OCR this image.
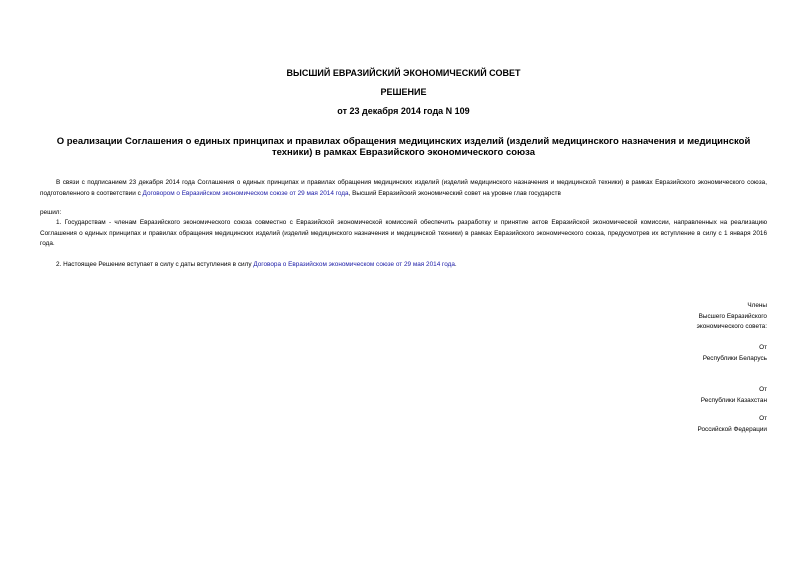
ВЫСШИЙ ЕВРАЗИЙСКИЙ ЭКОНОМИЧЕСКИЙ СОВЕТ
РЕШЕНИЕ
от 23 декабря 2014 года N 109
О реализации Соглашения о единых принципах и правилах обращения медицинских изделий (изделий медицинского назначения и медицинской техники) в рамках Евразийского экономического союза
В связи с подписанием 23 декабря 2014 года Соглашения о единых принципах и правилах обращения медицинских изделий (изделий медицинского назначения и медицинской техники) в рамках Евразийского экономического союза, подготовленного в соответствии с Договором о Евразийском экономическом союзе от 29 мая 2014 года, Высший Евразийский экономический совет на уровне глав государств
решил:
1. Государствам - членам Евразийского экономического союза совместно с Евразийской экономической комиссией обеспечить разработку и принятие актов Евразийской экономической комиссии, направленных на реализацию Соглашения о единых принципах и правилах обращения медицинских изделий (изделий медицинского назначения и медицинской техники) в рамках Евразийского экономического союза, предусмотрев их вступление в силу с 1 января 2016 года.
2. Настоящее Решение вступает в силу с даты вступления в силу Договора о Евразийском экономическом союзе от 29 мая 2014 года.
Члены
Высшего Евразийского
экономического совета:
От
Республики Беларусь
От
Республики Казахстан
От
Российской Федерации
